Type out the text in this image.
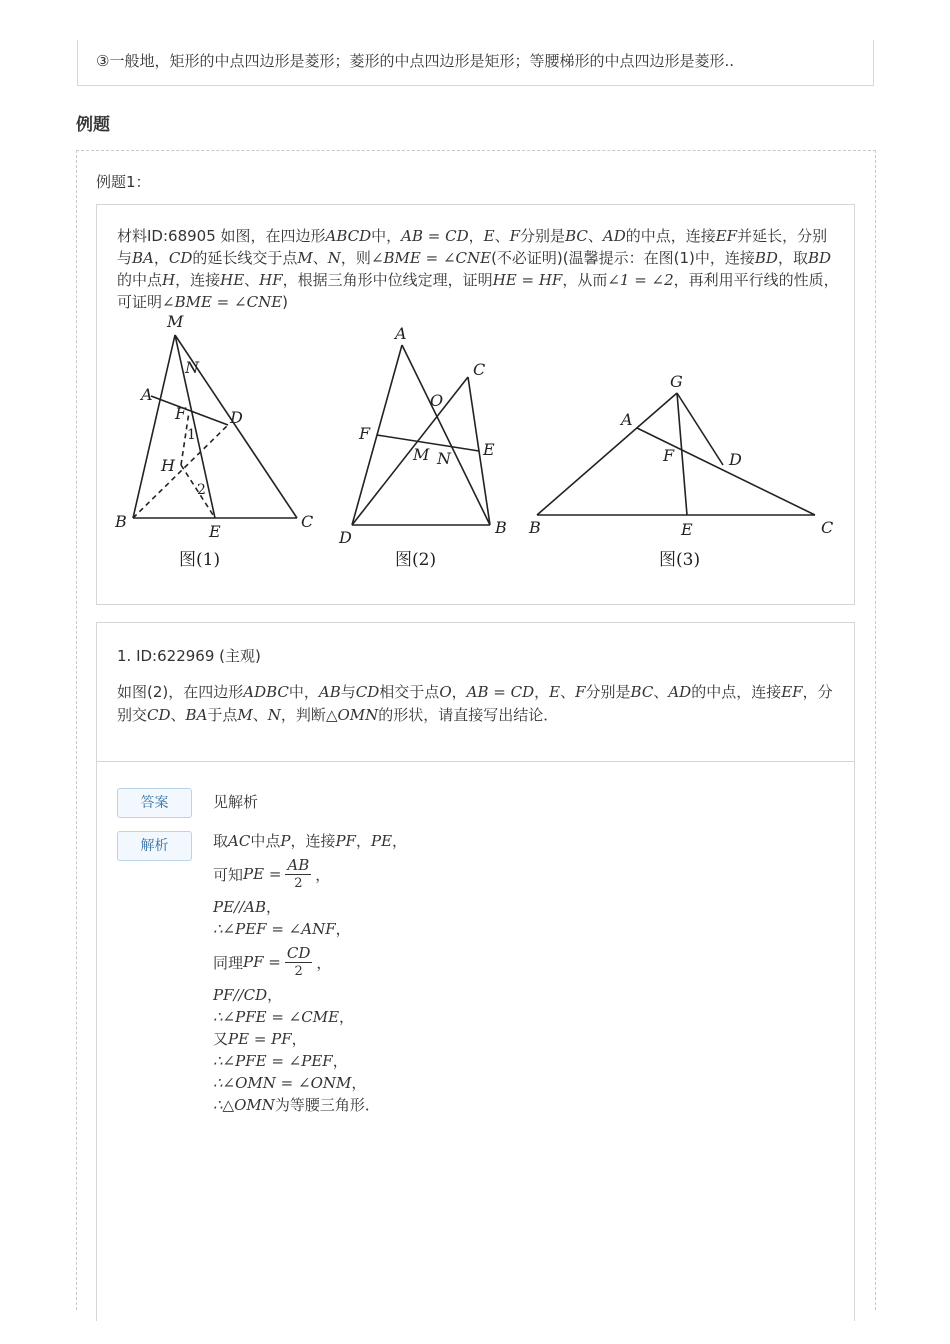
③一般地，矩形的中点四边形是菱形；菱形的中点四边形是矩形；等腰梯形的中点四边形是菱形..
例题
例题1：
材料ID:68905 如图，在四边形ABCD中，AB = CD，E、F分别是BC、AD的中点，连接EF并延长，分别与BA，CD的延长线交于点M、N，则∠BME = ∠CNE(不必证明)(温馨提示：在图(1)中，连接BD，取BD的中点H，连接HE、HF，根据三角形中位线定理，证明HE = HF，从而∠1 = ∠2，再利用平行线的性质，可证明∠BME = ∠CNE)
M
N
A
F	D
1
H
2
B
E
C
A
C
O
F
M N E
D
B
G
A
F	D
B	E	C
图(1)	图(2)	图(3)
1. ID:622969 (主观)
如图(2)，在四边形ADBC中，AB与CD相交于点O，AB = CD，E、F分别是BC、AD的中点，连接EF，分别交CD、BA于点M、N，判断△OMN的形状，请直接写出结论．
答案	见解析
解析	取AC中点P，连接PF，PE，
可知 PE = $\frac{AB}{2}$ ，
PE//AB，
∴∠PEF = ∠ANF，
同理 PF = $\frac{CD}{2}$ ，
PF//CD，
∴∠PFE = ∠CME，
又PE = PF，
∴∠PFE = ∠PEF，
∴∠OMN = ∠ONM，
∴△OMN为等腰三角形．
